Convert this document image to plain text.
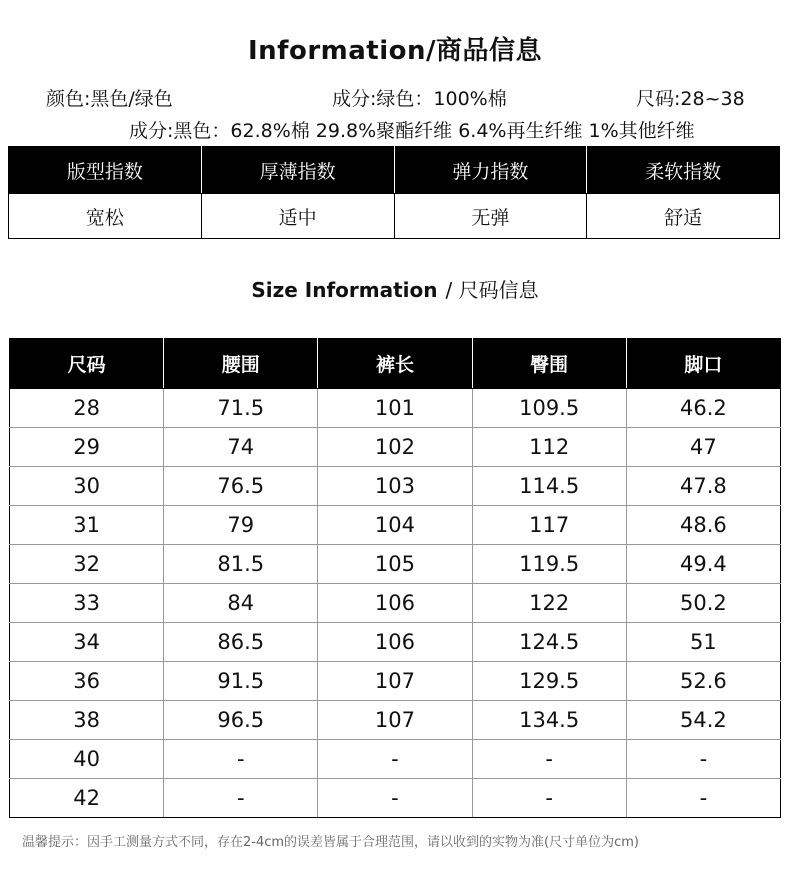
Information/商品信息
颜色:黑色/绿色	成分:绿色：100%棉	尺码:28~38
成分:黑色：62.8%棉 29.8%聚酯纤维 6.4%再生纤维 1%其他纤维
版型指数	厚薄指数	弹力指数	柔软指数
宽松	适中	无弹	舒适
Size Information / 尺码信息
尺码	腰围	裤长	臀围	脚口
28	71.5	101	109.5	46.2
29	74	102	112	47
30	76.5	103	114.5	47.8
31	79	104	117	48.6
32	81.5	105	119.5	49.4
33	84	106	122	50.2
34	86.5	106	124.5	51
36	91.5	107	129.5	52.6
38	96.5	107	134.5	54.2
40	-	-	-	-
42	-	-	-	-
温馨提示：因手工测量方式不同，存在2-4cm的误差皆属于合理范围，请以收到的实物为准(尺寸单位为cm)
